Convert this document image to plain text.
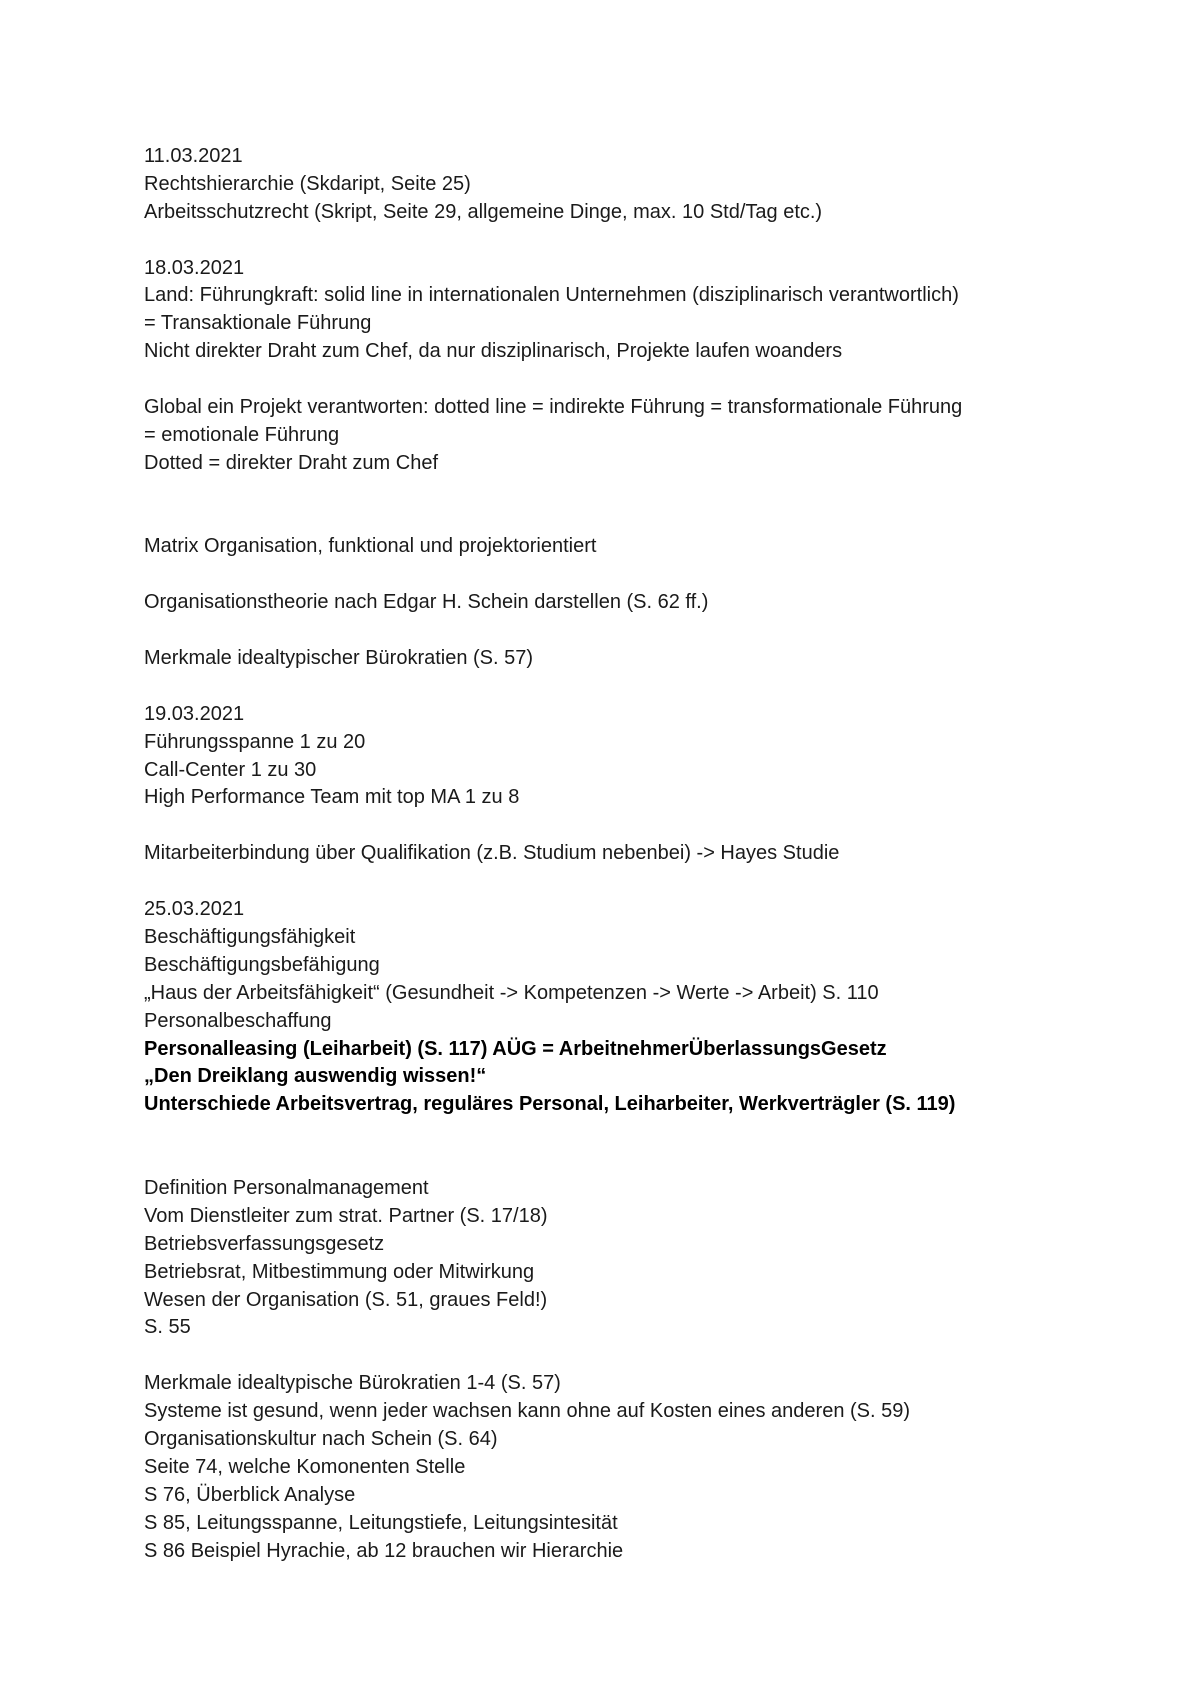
11.03.2021
Rechtshierarchie (Skdaript, Seite 25)
Arbeitsschutzrecht (Skript, Seite 29, allgemeine Dinge, max. 10 Std/Tag etc.)
18.03.2021
Land: Führungkraft: solid line in internationalen Unternehmen (disziplinarisch verantwortlich)
= Transaktionale Führung
Nicht direkter Draht zum Chef, da nur disziplinarisch, Projekte laufen woanders
Global ein Projekt verantworten: dotted line = indirekte Führung = transformationale Führung
= emotionale Führung
Dotted = direkter Draht zum Chef
Matrix Organisation, funktional und projektorientiert
Organisationstheorie nach Edgar H. Schein darstellen (S. 62 ff.)
Merkmale idealtypischer Bürokratien (S. 57)
19.03.2021
Führungsspanne 1 zu 20
Call-Center 1 zu 30
High Performance Team mit top MA 1 zu 8
Mitarbeiterbindung über Qualifikation (z.B. Studium nebenbei) -> Hayes Studie
25.03.2021
Beschäftigungsfähigkeit
Beschäftigungsbefähigung
„Haus der Arbeitsfähigkeit“ (Gesundheit -> Kompetenzen -> Werte -> Arbeit) S. 110
Personalbeschaffung
Personalleasing (Leiharbeit) (S. 117) AÜG = ArbeitnehmerÜberlassungsGesetz
„Den Dreiklang auswendig wissen!“
Unterschiede Arbeitsvertrag, reguläres Personal, Leiharbeiter, Werkverträgler (S. 119)
Definition Personalmanagement
Vom Dienstleiter zum strat. Partner (S. 17/18)
Betriebsverfassungsgesetz
Betriebsrat, Mitbestimmung oder Mitwirkung
Wesen der Organisation (S. 51, graues Feld!)
S. 55
Merkmale idealtypische Bürokratien 1-4 (S. 57)
Systeme ist gesund, wenn jeder wachsen kann ohne auf Kosten eines anderen (S. 59)
Organisationskultur nach Schein (S. 64)
Seite 74, welche Komonenten Stelle
S 76, Überblick Analyse
S 85, Leitungsspanne, Leitungstiefe, Leitungsintesität
S 86 Beispiel Hyrachie, ab 12 brauchen wir Hierarchie
